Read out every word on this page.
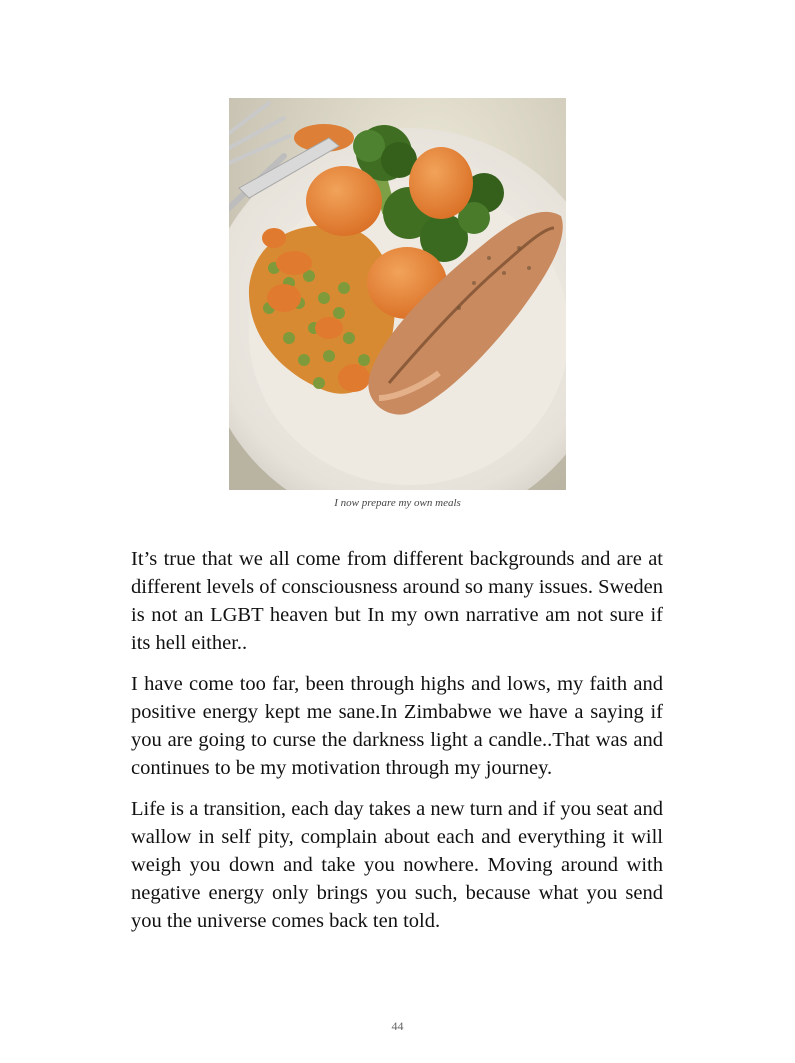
I now prepare my own meals

It’s true that we all come from different backgrounds and are at different levels of consciousness around so many issues. Sweden is not an LGBT heaven but In my own narrative am not sure if its hell either..

I have come too far, been through highs and lows, my faith and positive energy kept me sane.In Zimbabwe we have a saying if you are going to curse the darkness light a candle..That was and continues to be my motivation through my journey.

Life is a transition, each day takes a new turn and if you seat and wallow in self pity, complain about each and everything it will weigh you down and take you nowhere. Moving around with negative energy only brings you such, because what you send you the universe comes back ten told.

44
